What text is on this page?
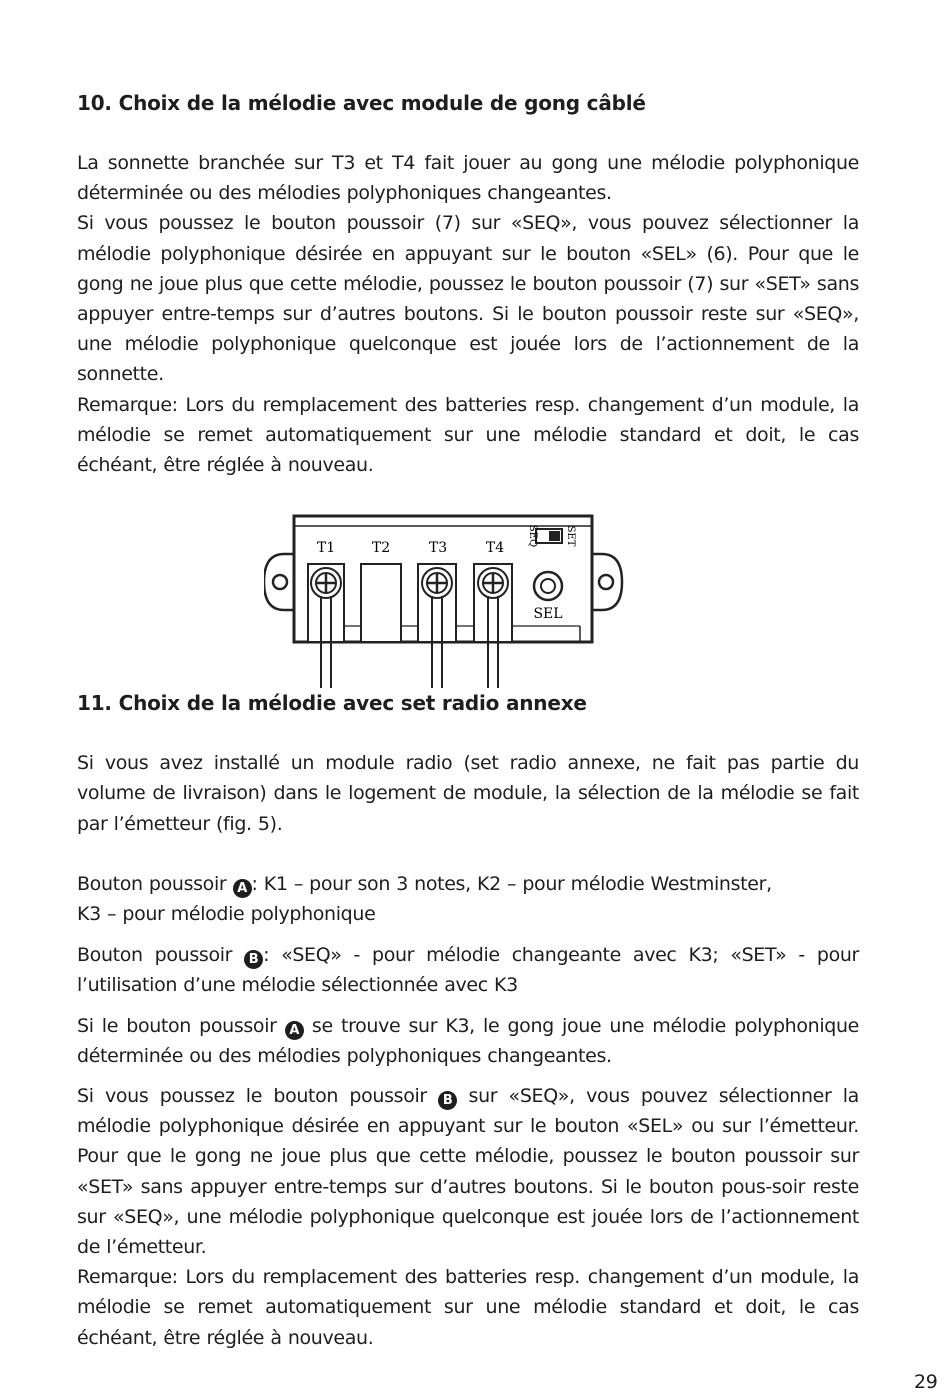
10. Choix de la mélodie avec module de gong câblé

La sonnette branchée sur T3 et T4 fait jouer au gong une mélodie polyphonique déterminée ou des mélodies polyphoniques changeantes.

Si vous poussez le bouton poussoir (7) sur «SEQ», vous pouvez sélectionner la mélodie polyphonique désirée en appuyant sur le bouton «SEL» (6). Pour que le gong ne joue plus que cette mélodie, poussez le bouton poussoir (7) sur «SET» sans appuyer entre-temps sur d’autres boutons. Si le bouton poussoir reste sur «SEQ», une mélodie polyphonique quelconque est jouée lors de l’actionnement de la sonnette.

Remarque: Lors du remplacement des batteries resp. changement d’un module, la mélodie se remet automatiquement sur une mélodie standard et doit, le cas échéant, être réglée à nouveau.

T1	T2	T3	T4
SEQ	SET
SEL
11. Choix de la mélodie avec set radio annexe

Si vous avez installé un module radio (set radio annexe, ne fait pas partie du volume de livraison) dans le logement de module, la sélection de la mélodie se fait par l’émetteur (fig. 5).

Bouton poussoir A : K1 – pour son 3 notes, K2 – pour mélodie Westminster,
K3 – pour mélodie polyphonique

Bouton poussoir B : «SEQ» - pour mélodie changeante avec K3; «SET» - pour l’utilisation d’une mélodie sélectionnée avec K3

Si le bouton poussoir A se trouve sur K3, le gong joue une mélodie polyphonique déterminée ou des mélodies polyphoniques changeantes.

Si vous poussez le bouton poussoir B sur «SEQ», vous pouvez sélectionner la mélodie polyphonique désirée en appuyant sur le bouton «SEL» ou sur l’émetteur. Pour que le gong ne joue plus que cette mélodie, poussez le bouton poussoir sur «SET» sans appuyer entre-temps sur d’autres boutons. Si le bouton pous-soir reste sur «SEQ», une mélodie polyphonique quelconque est jouée lors de l’actionnement de l’émetteur.

Remarque: Lors du remplacement des batteries resp. changement d’un module, la mélodie se remet automatiquement sur une mélodie standard et doit, le cas échéant, être réglée à nouveau.

29
